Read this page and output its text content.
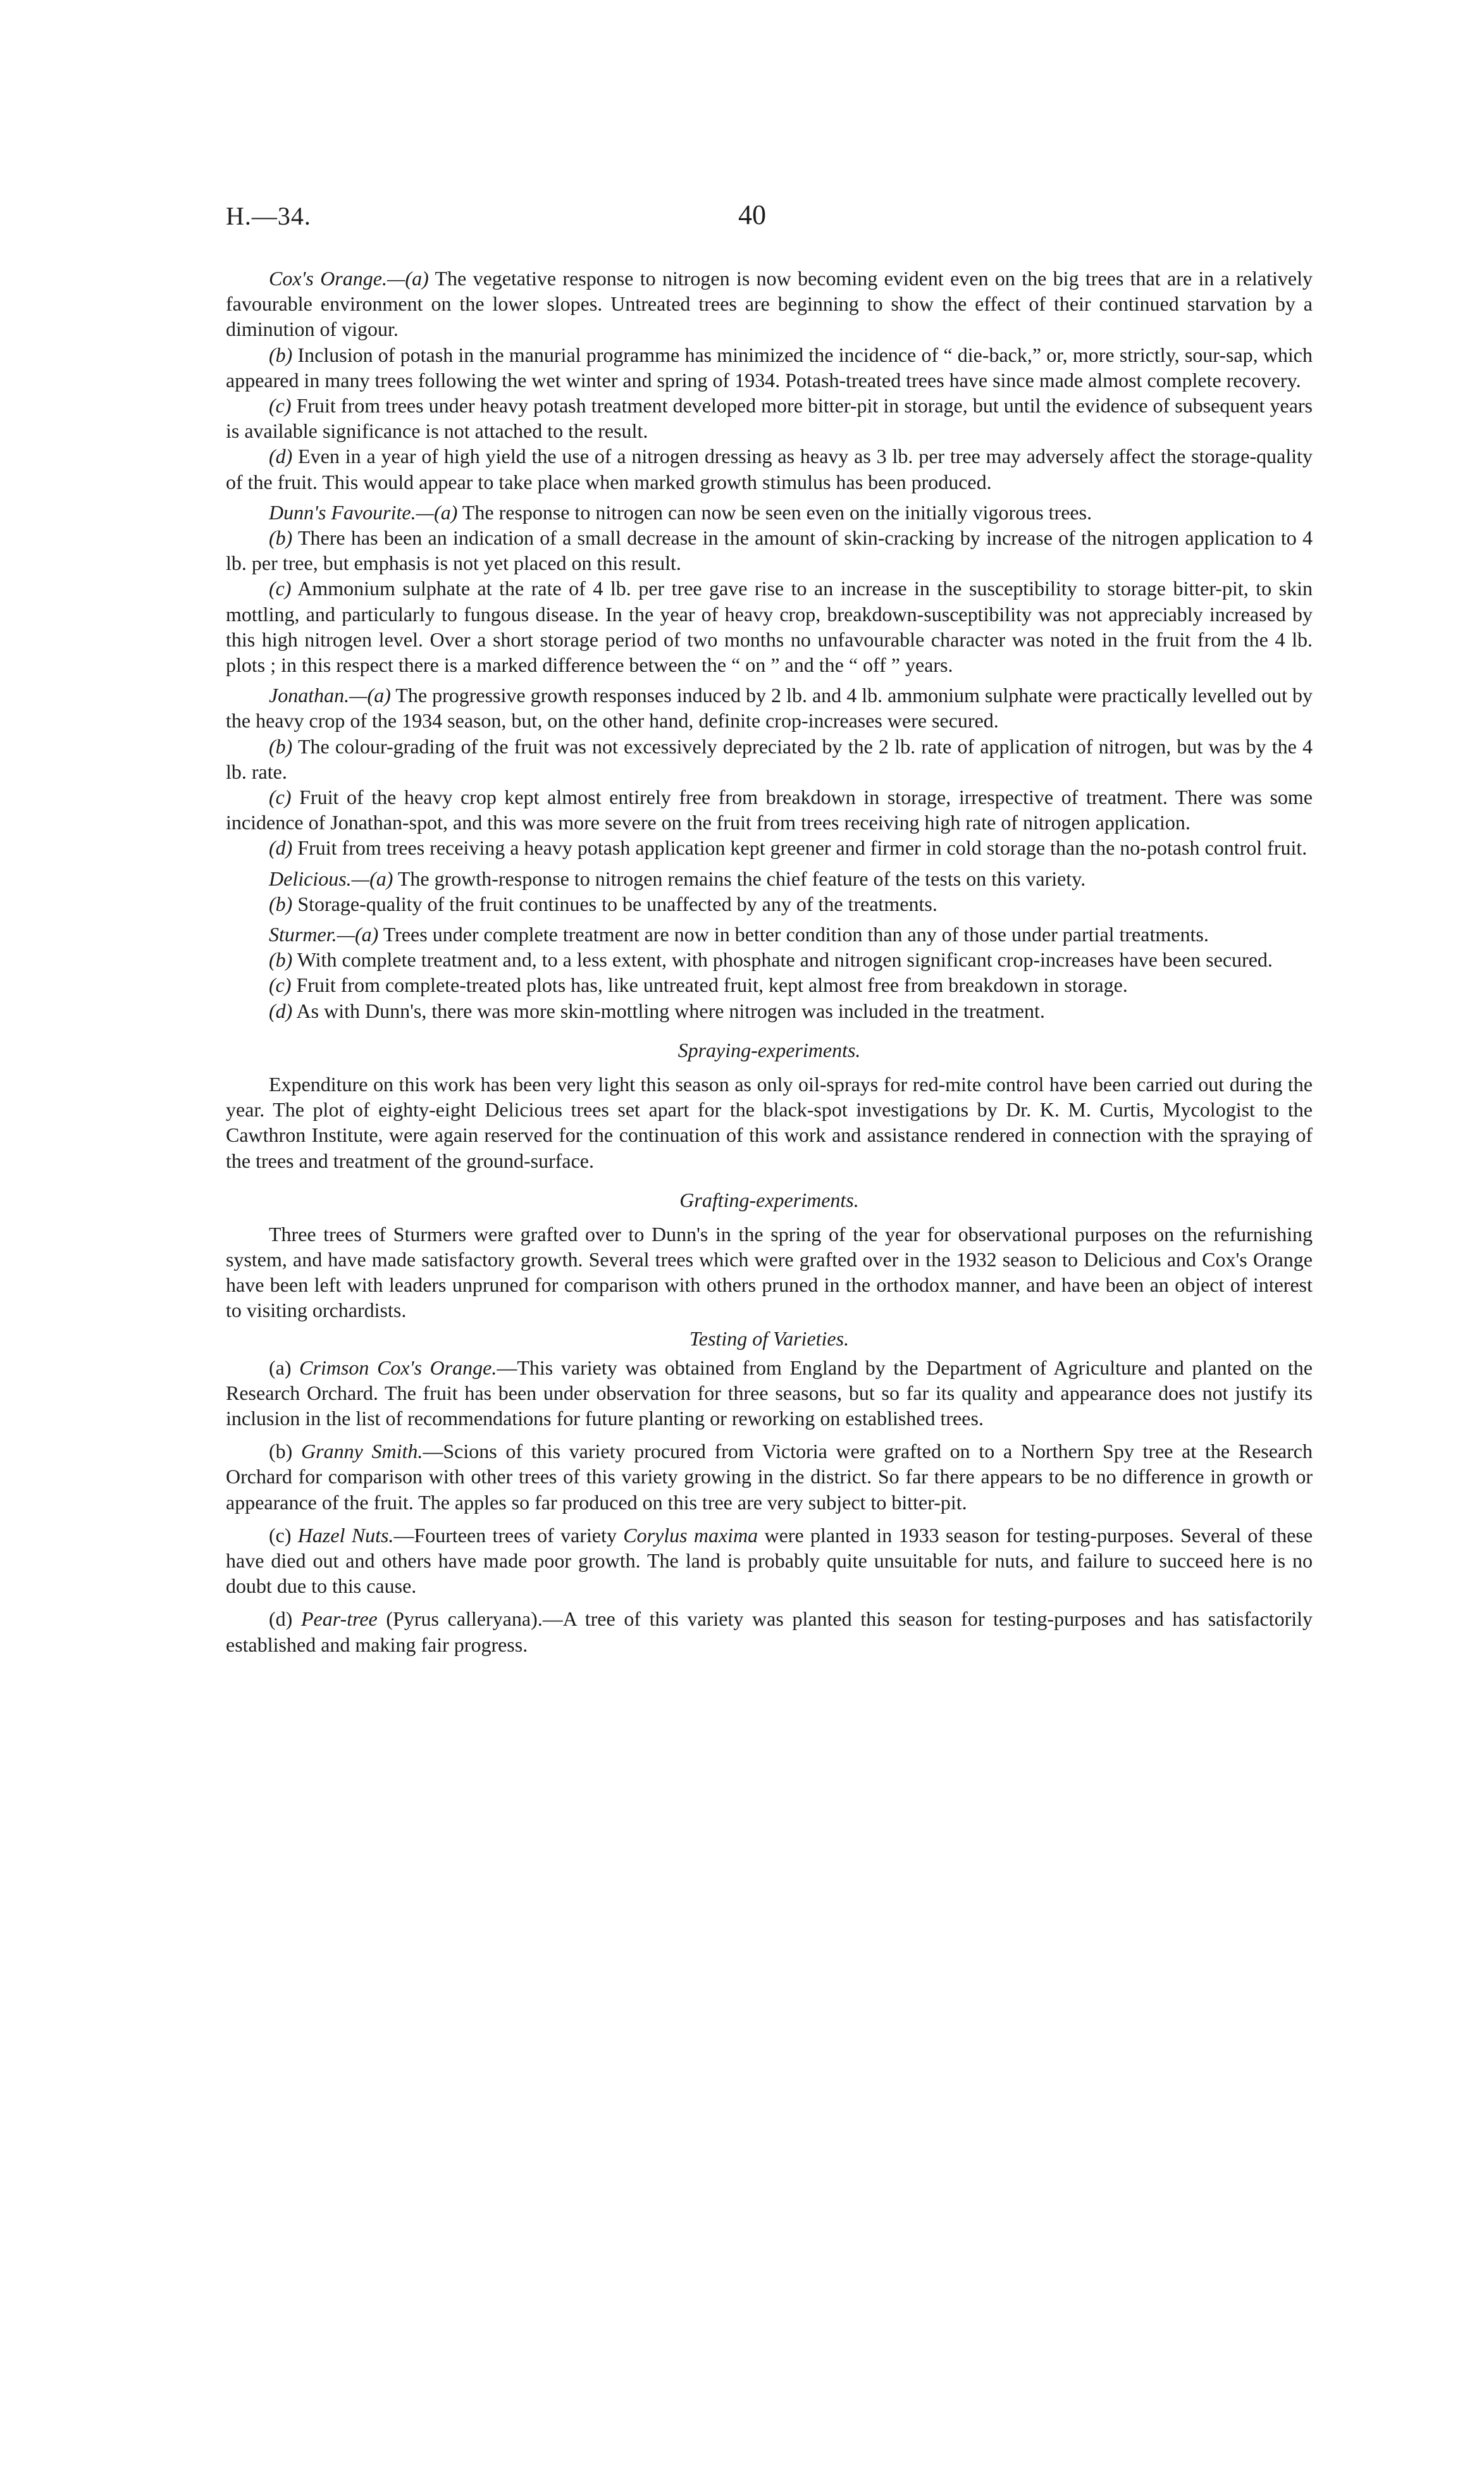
H.—34.	40

Cox's Orange.—(a) The vegetative response to nitrogen is now becoming evident even on the big trees that are in a relatively favourable environment on the lower slopes. Untreated trees are beginning to show the effect of their continued starvation by a diminution of vigour.

(b) Inclusion of potash in the manurial programme has minimized the incidence of “ die-back,” or, more strictly, sour-sap, which appeared in many trees following the wet winter and spring of 1934. Potash-treated trees have since made almost complete recovery.

(c) Fruit from trees under heavy potash treatment developed more bitter-pit in storage, but until the evidence of subsequent years is available significance is not attached to the result.

(d) Even in a year of high yield the use of a nitrogen dressing as heavy as 3 lb. per tree may adversely affect the storage-quality of the fruit. This would appear to take place when marked growth stimulus has been produced.

Dunn's Favourite.—(a) The response to nitrogen can now be seen even on the initially vigorous trees.

(b) There has been an indication of a small decrease in the amount of skin-cracking by increase of the nitrogen application to 4 lb. per tree, but emphasis is not yet placed on this result.

(c) Ammonium sulphate at the rate of 4 lb. per tree gave rise to an increase in the susceptibility to storage bitter-pit, to skin mottling, and particularly to fungous disease. In the year of heavy crop, breakdown-susceptibility was not appreciably increased by this high nitrogen level. Over a short storage period of two months no unfavourable character was noted in the fruit from the 4 lb. plots ; in this respect there is a marked difference between the “ on ” and the “ off ” years.

Jonathan.—(a) The progressive growth responses induced by 2 lb. and 4 lb. ammonium sulphate were practically levelled out by the heavy crop of the 1934 season, but, on the other hand, definite crop-increases were secured.

(b) The colour-grading of the fruit was not excessively depreciated by the 2 lb. rate of application of nitrogen, but was by the 4 lb. rate.

(c) Fruit of the heavy crop kept almost entirely free from breakdown in storage, irrespective of treatment. There was some incidence of Jonathan-spot, and this was more severe on the fruit from trees receiving high rate of nitrogen application.

(d) Fruit from trees receiving a heavy potash application kept greener and firmer in cold storage than the no-potash control fruit.

Delicious.—(a) The growth-response to nitrogen remains the chief feature of the tests on this variety.

(b) Storage-quality of the fruit continues to be unaffected by any of the treatments.

Sturmer.—(a) Trees under complete treatment are now in better condition than any of those under partial treatments.

(b) With complete treatment and, to a less extent, with phosphate and nitrogen significant crop-increases have been secured.

(c) Fruit from complete-treated plots has, like untreated fruit, kept almost free from breakdown in storage.

(d) As with Dunn's, there was more skin-mottling where nitrogen was included in the treatment.

Spraying-experiments.

Expenditure on this work has been very light this season as only oil-sprays for red-mite control have been carried out during the year. The plot of eighty-eight Delicious trees set apart for the black-spot investigations by Dr. K. M. Curtis, Mycologist to the Cawthron Institute, were again reserved for the continuation of this work and assistance rendered in connection with the spraying of the trees and treatment of the ground-surface.

Grafting-experiments.

Three trees of Sturmers were grafted over to Dunn's in the spring of the year for observational purposes on the refurnishing system, and have made satisfactory growth. Several trees which were grafted over in the 1932 season to Delicious and Cox's Orange have been left with leaders unpruned for comparison with others pruned in the orthodox manner, and have been an object of interest to visiting orchardists.

Testing of Varieties.

(a) Crimson Cox's Orange.—This variety was obtained from England by the Department of Agriculture and planted on the Research Orchard. The fruit has been under observation for three seasons, but so far its quality and appearance does not justify its inclusion in the list of recommendations for future planting or reworking on established trees.

(b) Granny Smith.—Scions of this variety procured from Victoria were grafted on to a Northern Spy tree at the Research Orchard for comparison with other trees of this variety growing in the district. So far there appears to be no difference in growth or appearance of the fruit. The apples so far produced on this tree are very subject to bitter-pit.

(c) Hazel Nuts.—Fourteen trees of variety Corylus maxima were planted in 1933 season for testing-purposes. Several of these have died out and others have made poor growth. The land is probably quite unsuitable for nuts, and failure to succeed here is no doubt due to this cause.

(d) Pear-tree (Pyrus calleryana).—A tree of this variety was planted this season for testing-purposes and has satisfactorily established and making fair progress.
